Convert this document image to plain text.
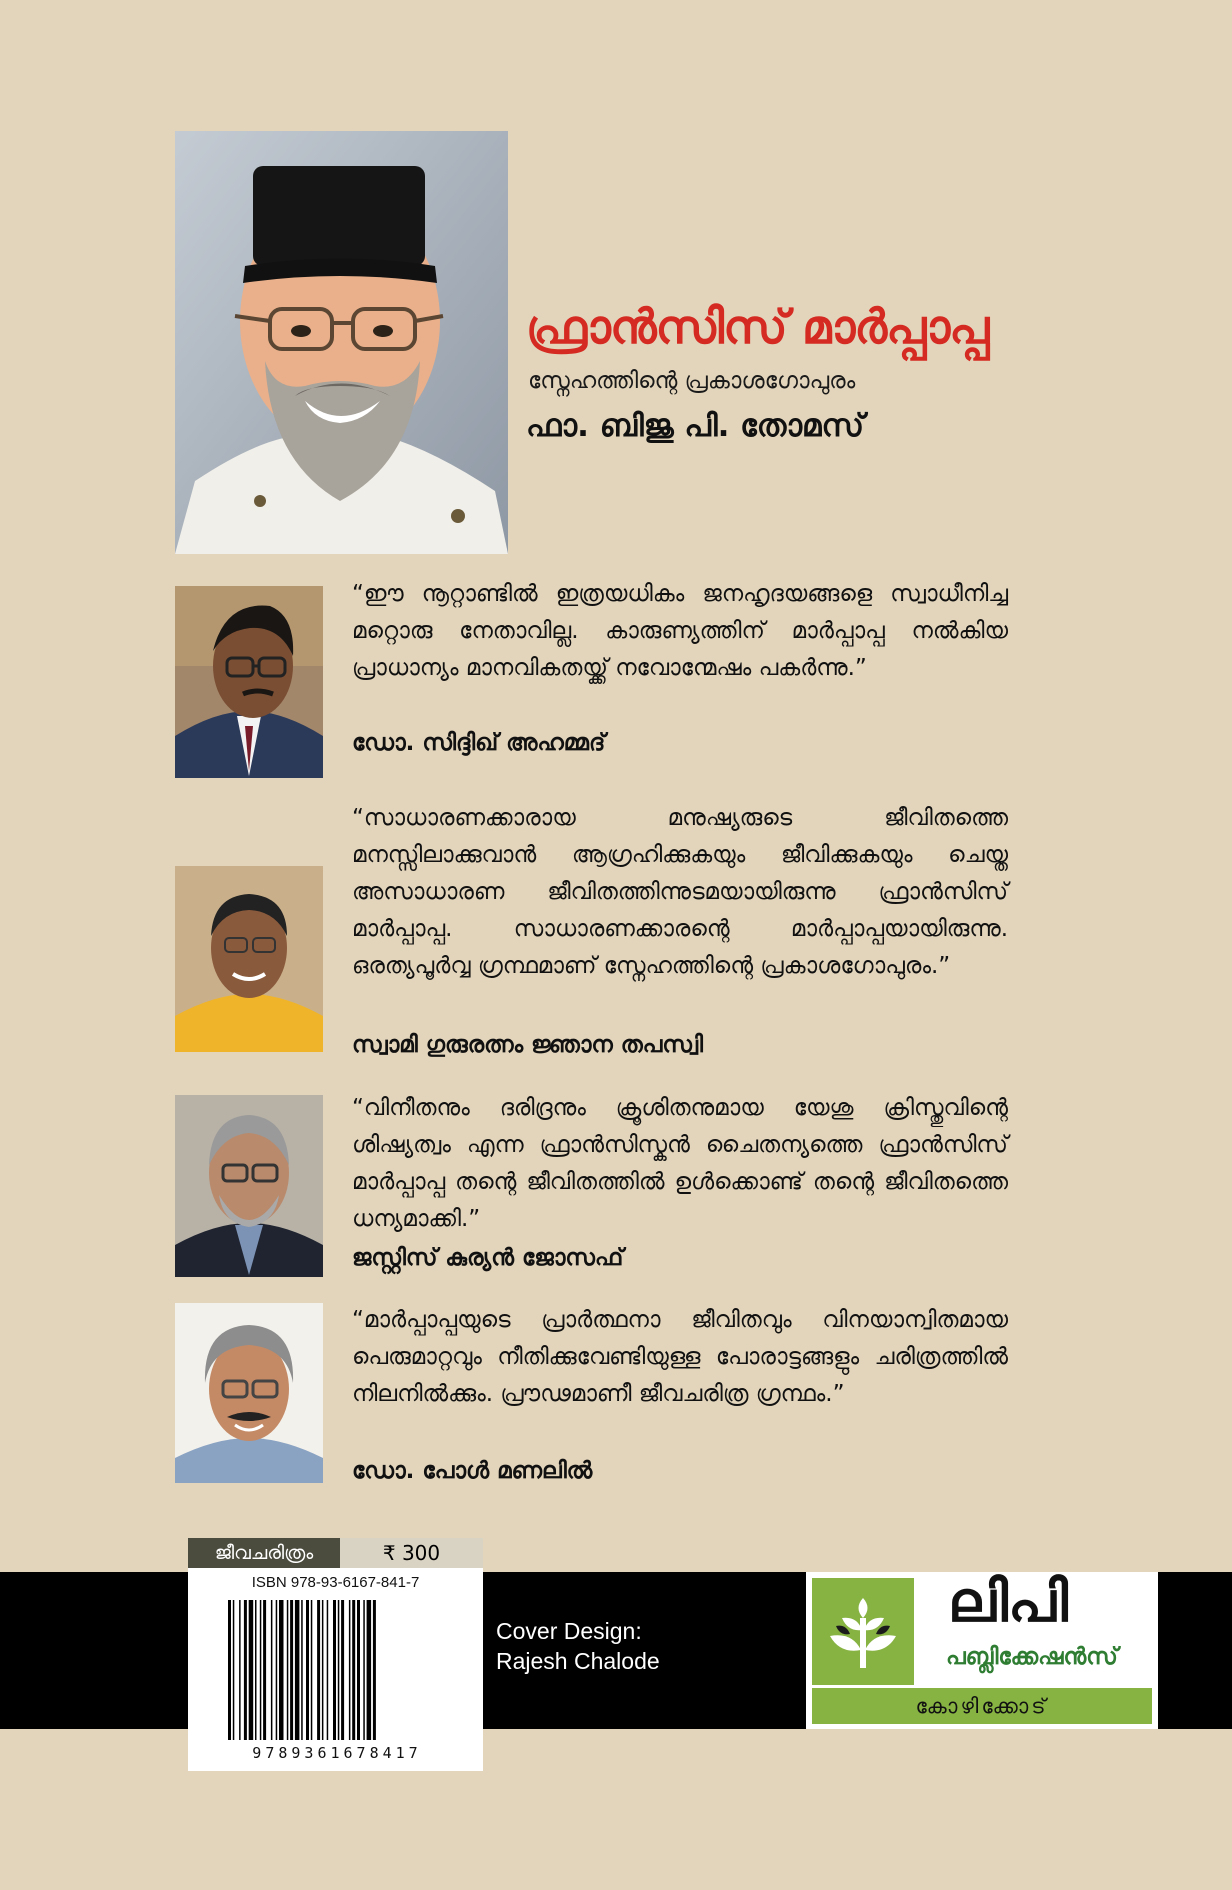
ഫ്രാൻസിസ് മാർപ്പാപ്പ
സ്നേഹത്തിന്റെ പ്രകാശഗോപുരം
ഫാ. ബിജു പി. തോമസ്
“ഈ നൂറ്റാണ്ടിൽ ഇത്രയധികം ജനഹൃദയങ്ങളെ സ്വാധീനിച്ച മറ്റൊരു നേതാവില്ല. കാരുണ്യത്തിന് മാർപ്പാപ്പ നൽകിയ പ്രാധാന്യം മാനവികതയ്ക്ക് നവോന്മേഷം പകർന്നു.”
ഡോ. സിദ്ദിഖ് അഹമ്മദ്
“സാധാരണക്കാരായ മനുഷ്യരുടെ ജീവിതത്തെ മനസ്സിലാക്കുവാൻ ആഗ്രഹിക്കുകയും ജീവിക്കുകയും ചെയ്ത അസാധാരണ ജീവിതത്തിന്നുടമയായിരുന്നു ഫ്രാൻസിസ് മാർപ്പാപ്പ. സാധാരണക്കാരന്റെ മാർപ്പാപ്പയായിരുന്നു. ഒരത്യപൂർവ്വ ഗ്രന്ഥമാണ് സ്നേഹത്തിന്റെ പ്രകാശഗോപുരം.”
സ്വാമി ഗുരുരത്നം ജ്ഞാന തപസ്വി
“വിനീതനും ദരിദ്രനും ക്രൂശിതനുമായ യേശു ക്രിസ്തുവിന്റെ ശിഷ്യത്വം എന്ന ഫ്രാൻസിസ്കൻ ചൈതന്യത്തെ ഫ്രാൻസിസ് മാർപ്പാപ്പ തന്റെ ജീവിതത്തിൽ ഉൾക്കൊണ്ട് തന്റെ ജീവിതത്തെ ധന്യമാക്കി.”
ജസ്റ്റിസ് കുര്യൻ ജോസഫ്
“മാർപ്പാപ്പയുടെ പ്രാർത്ഥനാ ജീവിതവും വിനയാന്വിതമായ പെരുമാറ്റവും നീതിക്കുവേണ്ടിയുള്ള പോരാട്ടങ്ങളും ചരിത്രത്തിൽ നിലനിൽക്കും. പ്രൗഢമാണീ ജീവചരിത്ര ഗ്രന്ഥം.”
ഡോ. പോൾ മണലിൽ
ജീവചരിത്രം	₹ 300
ISBN 978-93-6167-841-7
9789361678417
Cover Design:
Rajesh Chalode
ലിപി
പബ്ലിക്കേഷൻസ്
കോഴിക്കോട്
